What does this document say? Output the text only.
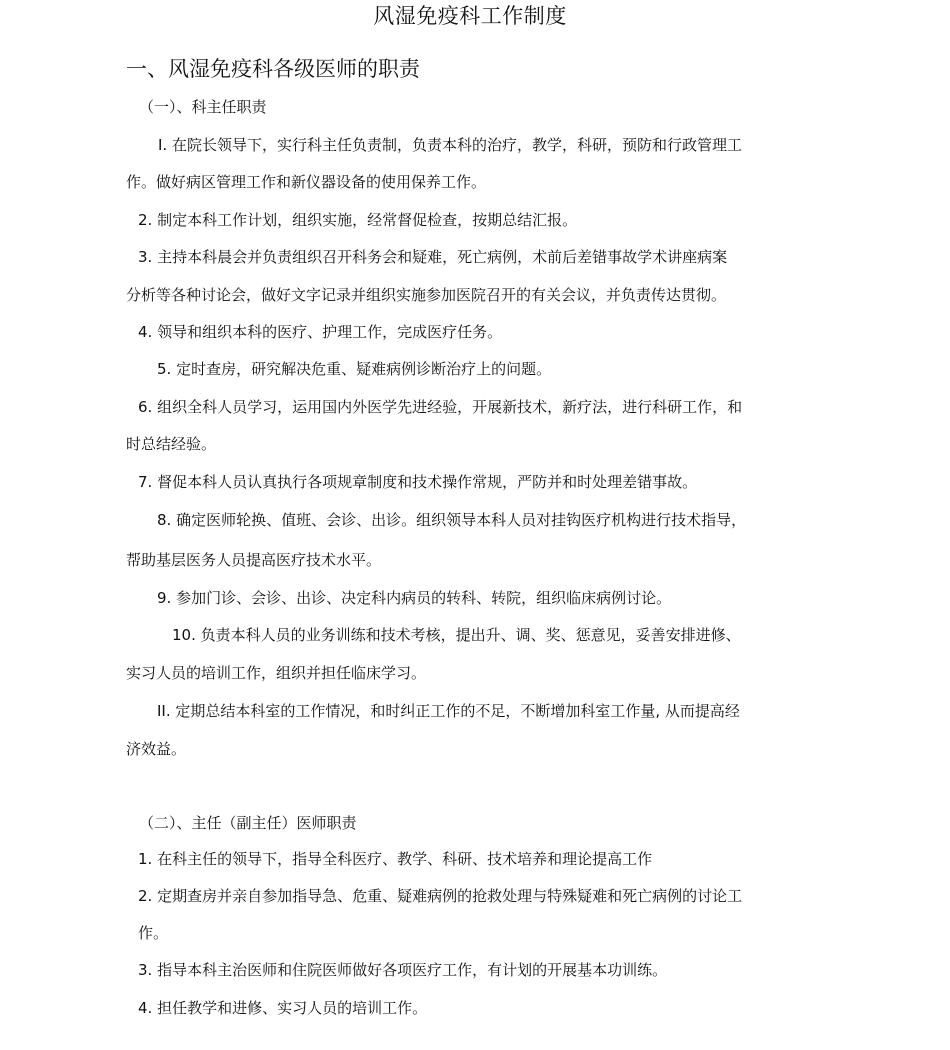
风湿免疫科工作制度
一、风湿免疫科各级医师的职责
（一）、科主任职责
I. 在院长领导下，实行科主任负责制，负责本科的治疗，教学，科研，预防和行政管理工
作。做好病区管理工作和新仪器设备的使用保养工作。
2. 制定本科工作计划，组织实施，经常督促检查，按期总结汇报。
3. 主持本科晨会并负责组织召开科务会和疑难，死亡病例，术前后差错事故学术讲座病案
分析等各种讨论会，做好文字记录并组织实施参加医院召开的有关会议，并负责传达贯彻。
4. 领导和组织本科的医疗、护理工作，完成医疗任务。
5. 定时查房，研究解决危重、疑难病例诊断治疗上的问题。
6. 组织全科人员学习，运用国内外医学先进经验，开展新技术，新疗法，进行科研工作，和
时总结经验。
7. 督促本科人员认真执行各项规章制度和技术操作常规，严防并和时处理差错事故。
8. 确定医师轮换、值班、会诊、出诊。组织领导本科人员对挂钩医疗机构进行技术指导，
帮助基层医务人员提高医疗技术水平。
9. 参加门诊、会诊、出诊、决定科内病员的转科、转院，组织临床病例讨论。
10. 负责本科人员的业务训练和技术考核，提出升、调、奖、惩意见，妥善安排进修、
实习人员的培训工作，组织并担任临床学习。
II. 定期总结本科室的工作情况，和时纠正工作的不足，不断增加科室工作量, 从而提高经
济效益。
（二）、主任（副主任）医师职责
1. 在科主任的领导下，指导全科医疗、教学、科研、技术培养和理论提高工作
2. 定期查房并亲自参加指导急、危重、疑难病例的抢救处理与特殊疑难和死亡病例的讨论工
作。
3. 指导本科主治医师和住院医师做好各项医疗工作，有计划的开展基本功训练。
4. 担任教学和进修、实习人员的培训工作。
